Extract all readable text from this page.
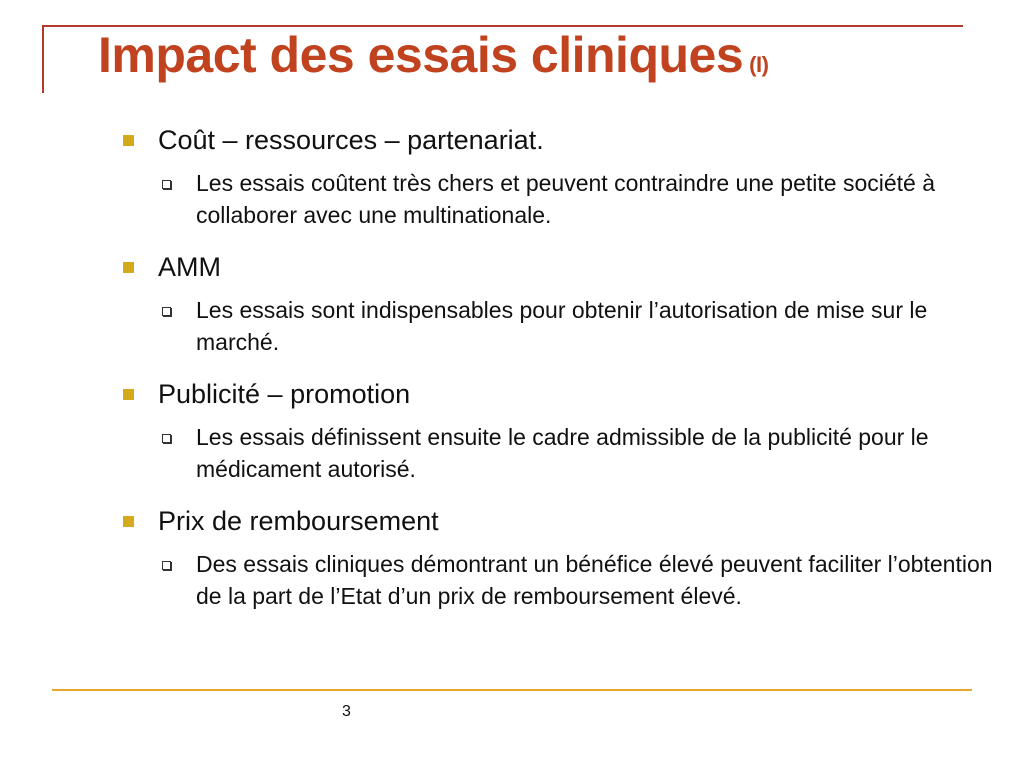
Impact des essais cliniques (I)
Coût – ressources – partenariat.
Les essais coûtent très chers et peuvent contraindre une petite société à collaborer avec une multinationale.
AMM
Les essais sont indispensables pour obtenir l’autorisation de mise sur le marché.
Publicité – promotion
Les essais définissent ensuite le cadre admissible de la publicité pour le médicament autorisé.
Prix de remboursement
Des essais cliniques démontrant un bénéfice élevé peuvent faciliter l’obtention de la part de l’Etat d’un prix de remboursement élevé.
3
